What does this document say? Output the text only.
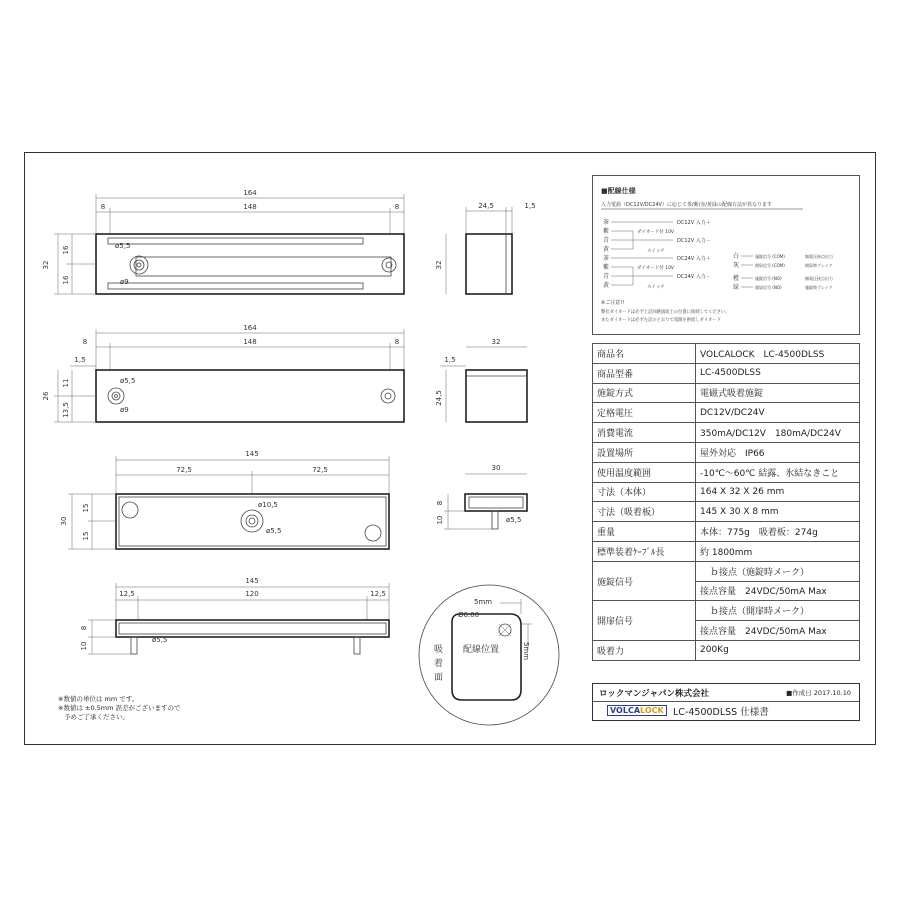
164
8	148	8
ø5,5
ø9
32
16
16
24,5	1,5
32
164
8	148	8
1,5
ø5,5
ø9
26
11
13,5
32
1,5
24,5
145
72,5	72,5
ø10,5
ø5,5
30
15
15
30
8
10	ø5,5
145
12,5	120	12,5
ø5,5
8
10
5mm
Ø6.00
5mm
配線位置
吸
着
面
※数値の単位は mm です。
※数値は ±0.5mm 誤差がございますので
予めご了承ください。
■配線仕様
入力電源（DC12V/DC24V）に応じて茶/紫/赤/黄緑の配線方法が異なります
茶
紫
青
黄
DC12V 入力＋
ダイオード付 10V
DC12V 入力－
スイッチ
茶
紫
青
黄
DC24V 入力＋
ダイオード付 10V
DC24V 入力－
スイッチ
白
灰
橙
緑
施錠信号 (COM)
開扉信号 (COM)
施錠信号 (NO)
開扉信号 (NO)
無電圧接点出力
開扉時ブレイク
無電圧接点出力
施錠時ブレイク
※ご注意!!
弊社ダイオードは必ず上記回路図面上の位置に接続してください。
またダイオードは必ず左記のとおりで電源を供給しダイオード
商品名	VOLCALOCK　LC-4500DLSS
商品型番	LC-4500DLSS
施錠方式	電磁式吸着施錠
定格電圧	DC12V/DC24V
消費電流	350mA/DC12V　180mA/DC24V
設置場所	屋外対応　IP66
使用温度範囲	-10℃～60℃ 結露、氷結なきこと
寸法（本体）	164 X 32 X 26 mm
寸法（吸着板）	145 X 30 X 8 mm
重量	本体：775g　吸着板：274g
標準装着ｹｰﾌﾞﾙ長	約 1800mm
施錠信号	ｂ接点（施錠時メーク）
	接点容量　24VDC/50mA Max
開扉信号	ｂ接点（開扉時メーク）
	接点容量　24VDC/50mA Max
吸着力	200Kg
ロックマンジャパン株式会社	■作成日 2017.10.10
VOLCALOCK LC-4500DLSS 仕様書
